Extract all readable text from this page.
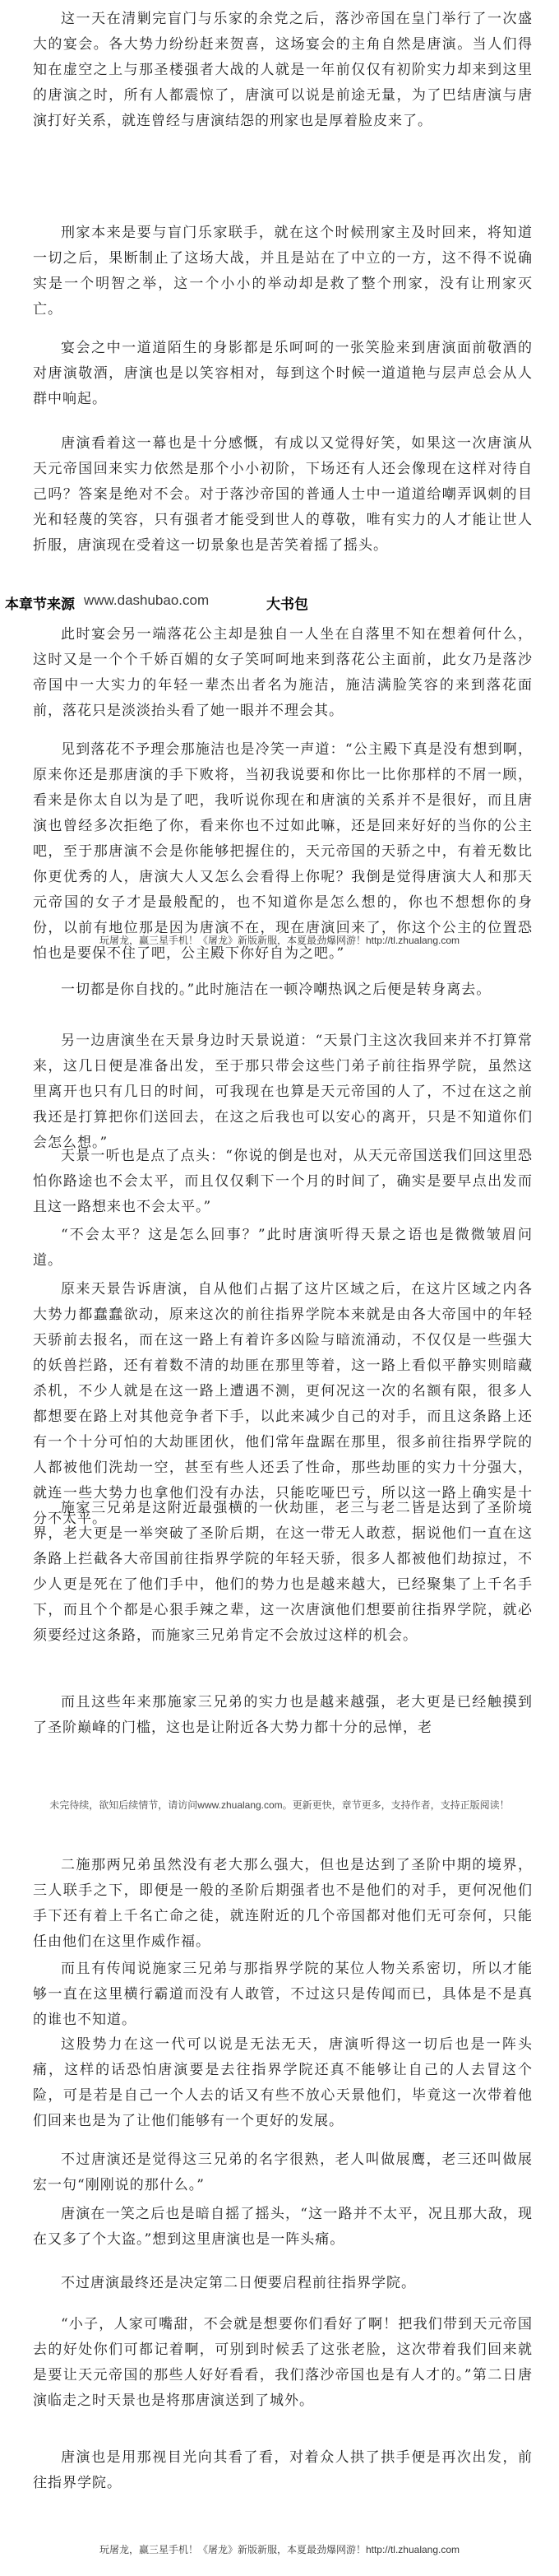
这一天在清剿完盲门与乐家的余党之后，落沙帝国在皇门举行了一次盛大的宴会。各大势力纷纷赶来贺喜，这场宴会的主角自然是唐演。当人们得知在虚空之上与那圣楼强者大战的人就是一年前仅仅有初阶实力却来到这里的唐演之时，所有人都震惊了，唐演可以说是前途无量，为了巴结唐演与唐演打好关系，就连曾经与唐演结怨的刑家也是厚着脸皮来了。

刑家本来是要与盲门乐家联手，就在这个时候刑家主及时回来，将知道一切之后，果断制止了这场大战，并且是站在了中立的一方，这不得不说确实是一个明智之举，这一个小小的举动却是救了整个刑家，没有让刑家灭亡。

宴会之中一道道陌生的身影都是乐呵呵的一张笑脸来到唐演面前敬酒的对唐演敬酒，唐演也是以笑容相对，每到这个时候一道道艳与层声总会从人群中响起。

唐演看着这一幕也是十分感慨，有成以又觉得好笑，如果这一次唐演从天元帝国回来实力依然是那个小小初阶，下场还有人还会像现在这样对待自己吗？答案是绝对不会。对于落沙帝国的普通人士中一道道给嘲弄讽刺的目光和轻蔑的笑容，只有强者才能受到世人的尊敬，唯有实力的人才能让世人折服，唐演现在受着这一切景象也是苦笑着摇了摇头。

本章节来源 www.dashubao.com	大书包

此时宴会另一端落花公主却是独自一人坐在自落里不知在想着何什么，这时又是一个个千娇百媚的女子笑呵呵地来到落花公主面前，此女乃是落沙帝国中一大实力的年轻一辈杰出者名为施洁，施洁满脸笑容的来到落花面前，落花只是淡淡抬头看了她一眼并不理会其。

见到落花不予理会那施洁也是冷笑一声道：“公主殿下真是没有想到啊，原来你还是那唐演的手下败将，当初我说要和你比一比你那样的不屑一顾，看来是你太自以为是了吧，我听说你现在和唐演的关系并不是很好，而且唐演也曾经多次拒绝了你，看来你也不过如此嘛，还是回来好好的当你的公主吧，至于那唐演不会是你能够把握住的，天元帝国的天骄之中，有着无数比你更优秀的人，唐演大人又怎么会看得上你呢？我倒是觉得唐演大人和那天元帝国的女子才是最般配的，也不知道你是怎么想的，你也不想想你的身份，以前有地位那是因为唐演不在，现在唐演回来了，你这个公主的位置恐怕也是要保不住了吧，公主殿下你好自为之吧。”

玩屠龙，赢三星手机！《屠龙》新版新服，本夏最劲爆网游！http://tl.zhualang.com

一切都是你自找的。”此时施洁在一顿冷嘲热讽之后便是转身离去。

另一边唐演坐在天景身边时天景说道：“天景门主这次我回来并不打算常来，这几日便是准备出发，至于那只带会这些门弟子前往指界学院，虽然这里离开也只有几日的时间，可我现在也算是天元帝国的人了，不过在这之前我还是打算把你们送回去，在这之后我也可以安心的离开，只是不知道你们会怎么想。”

天景一听也是点了点头：“你说的倒是也对，从天元帝国送我们回这里恐怕你路途也不会太平，而且仅仅剩下一个月的时间了，确实是要早点出发而且这一路想来也不会太平。”

“不会太平？这是怎么回事？”此时唐演听得天景之语也是微微皱眉问道。

原来天景告诉唐演，自从他们占据了这片区域之后，在这片区域之内各大势力都蠢蠢欲动，原来这次的前往指界学院本来就是由各大帝国中的年轻天骄前去报名，而在这一路上有着许多凶险与暗流涌动，不仅仅是一些强大的妖兽拦路，还有着数不清的劫匪在那里等着，这一路上看似平静实则暗藏杀机，不少人就是在这一路上遭遇不测，更何况这一次的名额有限，很多人都想要在路上对其他竞争者下手，以此来减少自己的对手，而且这条路上还有一个十分可怕的大劫匪团伙，他们常年盘踞在那里，很多前往指界学院的人都被他们洗劫一空，甚至有些人还丢了性命，那些劫匪的实力十分强大，就连一些大势力也拿他们没有办法，只能吃哑巴亏，所以这一路上确实是十分不太平。

施家三兄弟是这附近最强横的一伙劫匪，老三与老二皆是达到了圣阶境界，老大更是一举突破了圣阶后期，在这一带无人敢惹，据说他们一直在这条路上拦截各大帝国前往指界学院的年轻天骄，很多人都被他们劫掠过，不少人更是死在了他们手中，他们的势力也是越来越大，已经聚集了上千名手下，而且个个都是心狠手辣之辈，这一次唐演他们想要前往指界学院，就必须要经过这条路，而施家三兄弟肯定不会放过这样的机会。

而且这些年来那施家三兄弟的实力也是越来越强，老大更是已经触摸到了圣阶巅峰的门槛，这也是让附近各大势力都十分的忌惮，老

未完待续，欲知后续情节，请访问www.zhualang.com。更新更快，章节更多，支持作者，支持正版阅读！

二施那两兄弟虽然没有老大那么强大，但也是达到了圣阶中期的境界，三人联手之下，即便是一般的圣阶后期强者也不是他们的对手，更何况他们手下还有着上千名亡命之徒，就连附近的几个帝国都对他们无可奈何，只能任由他们在这里作威作福。

而且有传闻说施家三兄弟与那指界学院的某位人物关系密切，所以才能够一直在这里横行霸道而没有人敢管，不过这只是传闻而已，具体是不是真的谁也不知道。

这股势力在这一代可以说是无法无天，唐演听得这一切后也是一阵头痛，这样的话恐怕唐演要是去往指界学院还真不能够让自己的人去冒这个险，可是若是自己一个人去的话又有些不放心天景他们，毕竟这一次带着他们回来也是为了让他们能够有一个更好的发展。

不过唐演还是觉得这三兄弟的名字很熟，老人叫做展鹰，老三还叫做展宏一句“刚刚说的那什么。”

唐演在一笑之后也是暗自摇了摇头，“这一路并不太平，况且那大敌，现在又多了个大盗。”想到这里唐演也是一阵头痛。

不过唐演最终还是决定第二日便要启程前往指界学院。

“小子，人家可嘴甜，不会就是想要你们看好了啊！把我们带到天元帝国去的好处你们可都记着啊，可别到时候丢了这张老脸，这次带着我们回来就是要让天元帝国的那些人好好看看，我们落沙帝国也是有人才的。”第二日唐演临走之时天景也是将那唐演送到了城外。

唐演也是用那视目光向其看了看，对着众人拱了拱手便是再次出发，前往指界学院。

玩屠龙，赢三星手机！《屠龙》新版新服，本夏最劲爆网游！http://tl.zhualang.com
